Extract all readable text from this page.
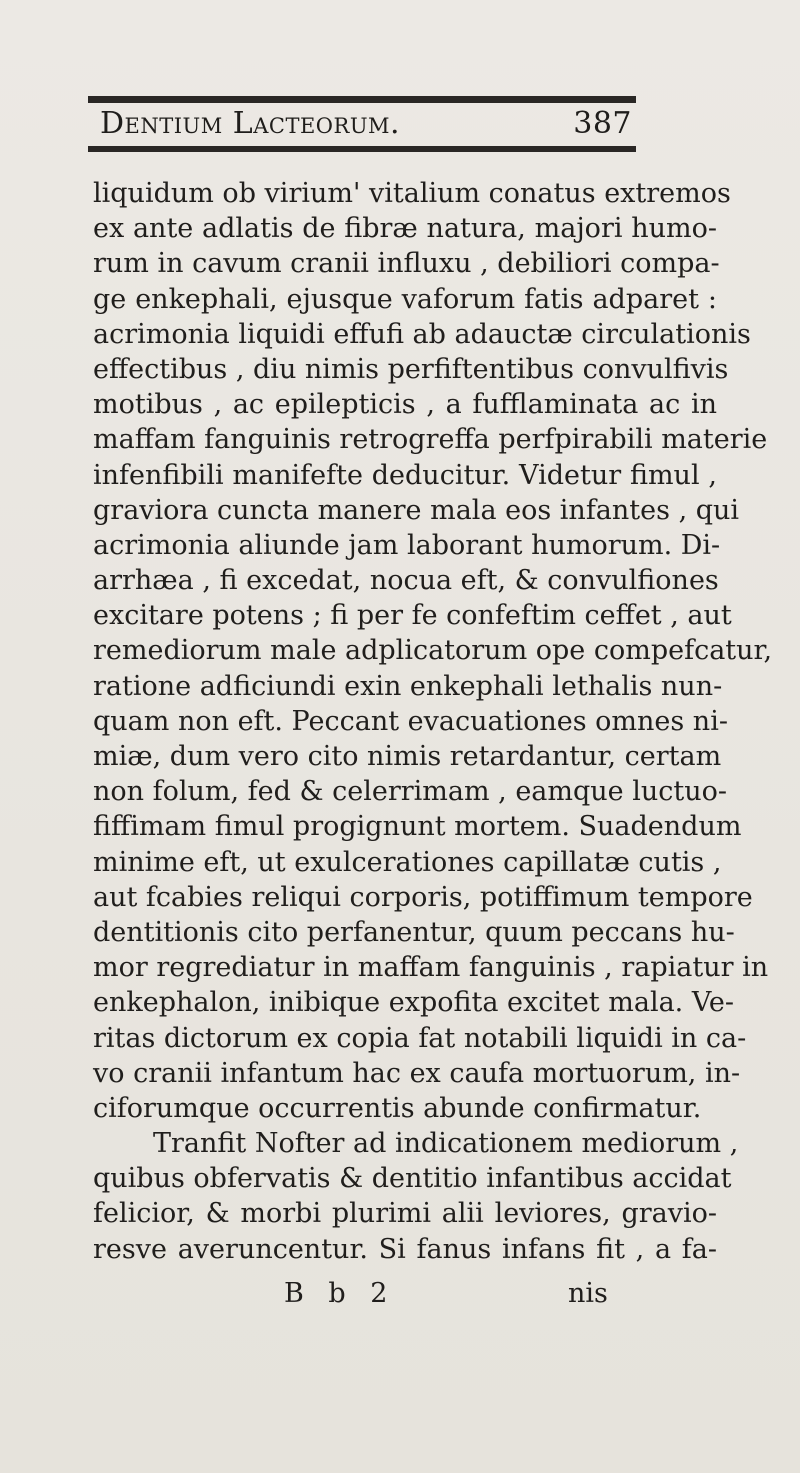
Dentium Lacteorum.	387
liquidum ob virium' vitalium conatus extremos
ex ante adlatis de fibræ natura, majori humo-
rum in cavum cranii influxu , debiliori compa-
ge enkephali, ejusque vaforum fatis adparet :
acrimonia liquidi effufi ab adauctæ circulationis
effectibus , diu nimis perfiftentibus convulfivis
motibus , ac epilepticis , a fufflaminata ac in
maffam fanguinis retrogreffa perfpirabili materie
infenfibili manifefte deducitur. Videtur fimul ,
graviora cuncta manere mala eos infantes , qui
acrimonia aliunde jam laborant humorum. Di-
arrhæa , fi excedat, nocua eft, & convulfiones
excitare potens ; fi per fe confeftim ceffet , aut
remediorum male adplicatorum ope compefcatur,
ratione adficiundi exin enkephali lethalis nun-
quam non eft. Peccant evacuationes omnes ni-
miæ, dum vero cito nimis retardantur, certam
non folum, fed & celerrimam , eamque luctuo-
fiffimam fimul progignunt mortem. Suadendum
minime eft, ut exulcerationes capillatæ cutis ,
aut fcabies reliqui corporis, potiffimum tempore
dentitionis cito perfanentur, quum peccans hu-
mor regrediatur in maffam fanguinis , rapiatur in
enkephalon, inibique expofita excitet mala. Ve-
ritas dictorum ex copia fat notabili liquidi in ca-
vo cranii infantum hac ex caufa mortuorum, in-
ciforumque occurrentis abunde confirmatur.
Tranfit Nofter ad indicationem mediorum ,
quibus obfervatis & dentitio infantibus accidat
felicior, & morbi plurimi alii leviores, gravio-
resve averuncentur. Si fanus infans fit , a fa-
B b 2	nis
